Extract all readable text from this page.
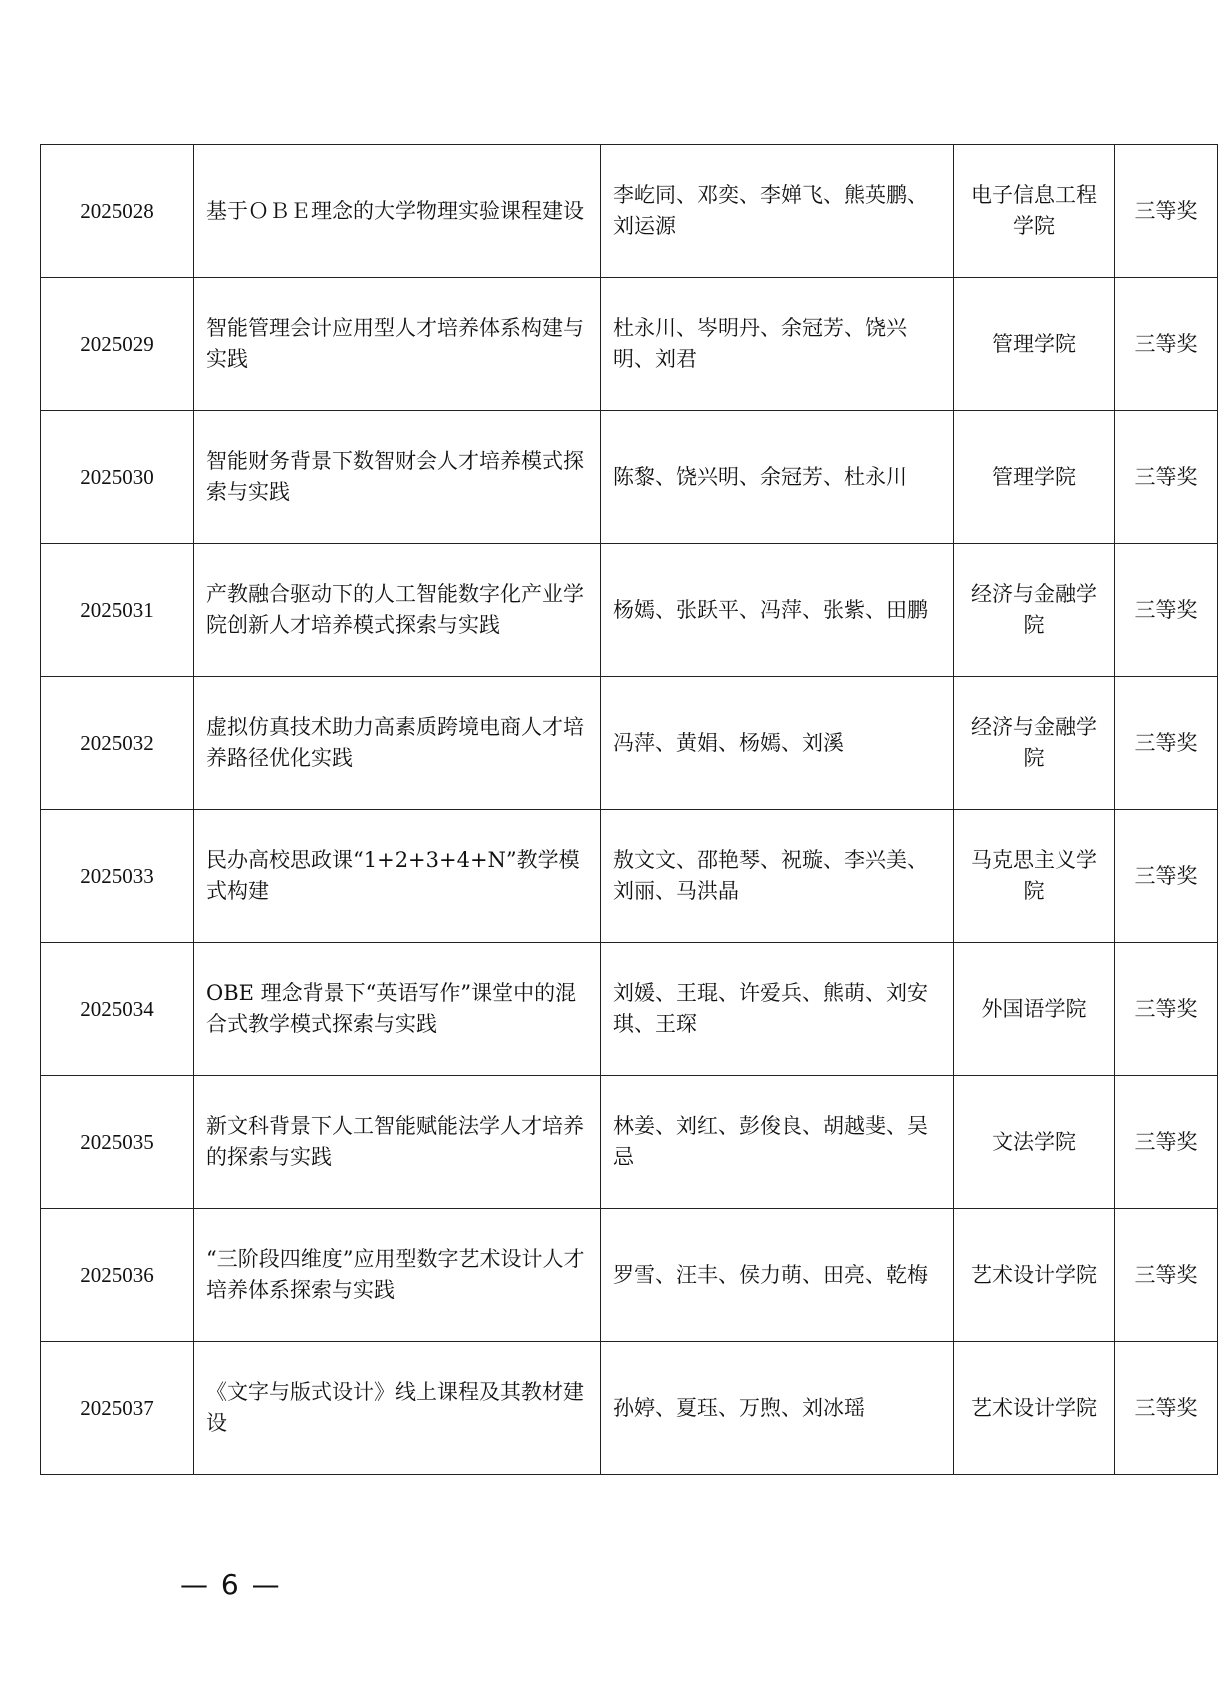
2025028	基于ＯＢＥ理念的大学物理实验课程建设	李屹同、邓奕、李婵飞、熊英鹏、刘运源	电子信息工程学院	三等奖
2025029	智能管理会计应用型人才培养体系构建与实践	杜永川、岑明丹、余冠芳、饶兴明、刘君	管理学院	三等奖
2025030	智能财务背景下数智财会人才培养模式探索与实践	陈黎、饶兴明、余冠芳、杜永川	管理学院	三等奖
2025031	产教融合驱动下的人工智能数字化产业学院创新人才培养模式探索与实践	杨嫣、张跃平、冯萍、张紫、田鹏	经济与金融学院	三等奖
2025032	虚拟仿真技术助力高素质跨境电商人才培养路径优化实践	冯萍、黄娟、杨嫣、刘溪	经济与金融学院	三等奖
2025033	民办高校思政课“1+2+3+4+N”教学模式构建	敖文文、邵艳琴、祝璇、李兴美、刘丽、马洪晶	马克思主义学院	三等奖
2025034	OBE 理念背景下“英语写作”课堂中的混合式教学模式探索与实践	刘媛、王琨、许爱兵、熊萌、刘安琪、王琛	外国语学院	三等奖
2025035	新文科背景下人工智能赋能法学人才培养的探索与实践	林姜、刘红、彭俊良、胡越斐、吴忌	文法学院	三等奖
2025036	“三阶段四维度”应用型数字艺术设计人才培养体系探索与实践	罗雪、汪丰、侯力萌、田亮、乾梅	艺术设计学院	三等奖
2025037	《文字与版式设计》线上课程及其教材建设	孙婷、夏珏、万煦、刘冰瑶	艺术设计学院	三等奖
— 6 —
